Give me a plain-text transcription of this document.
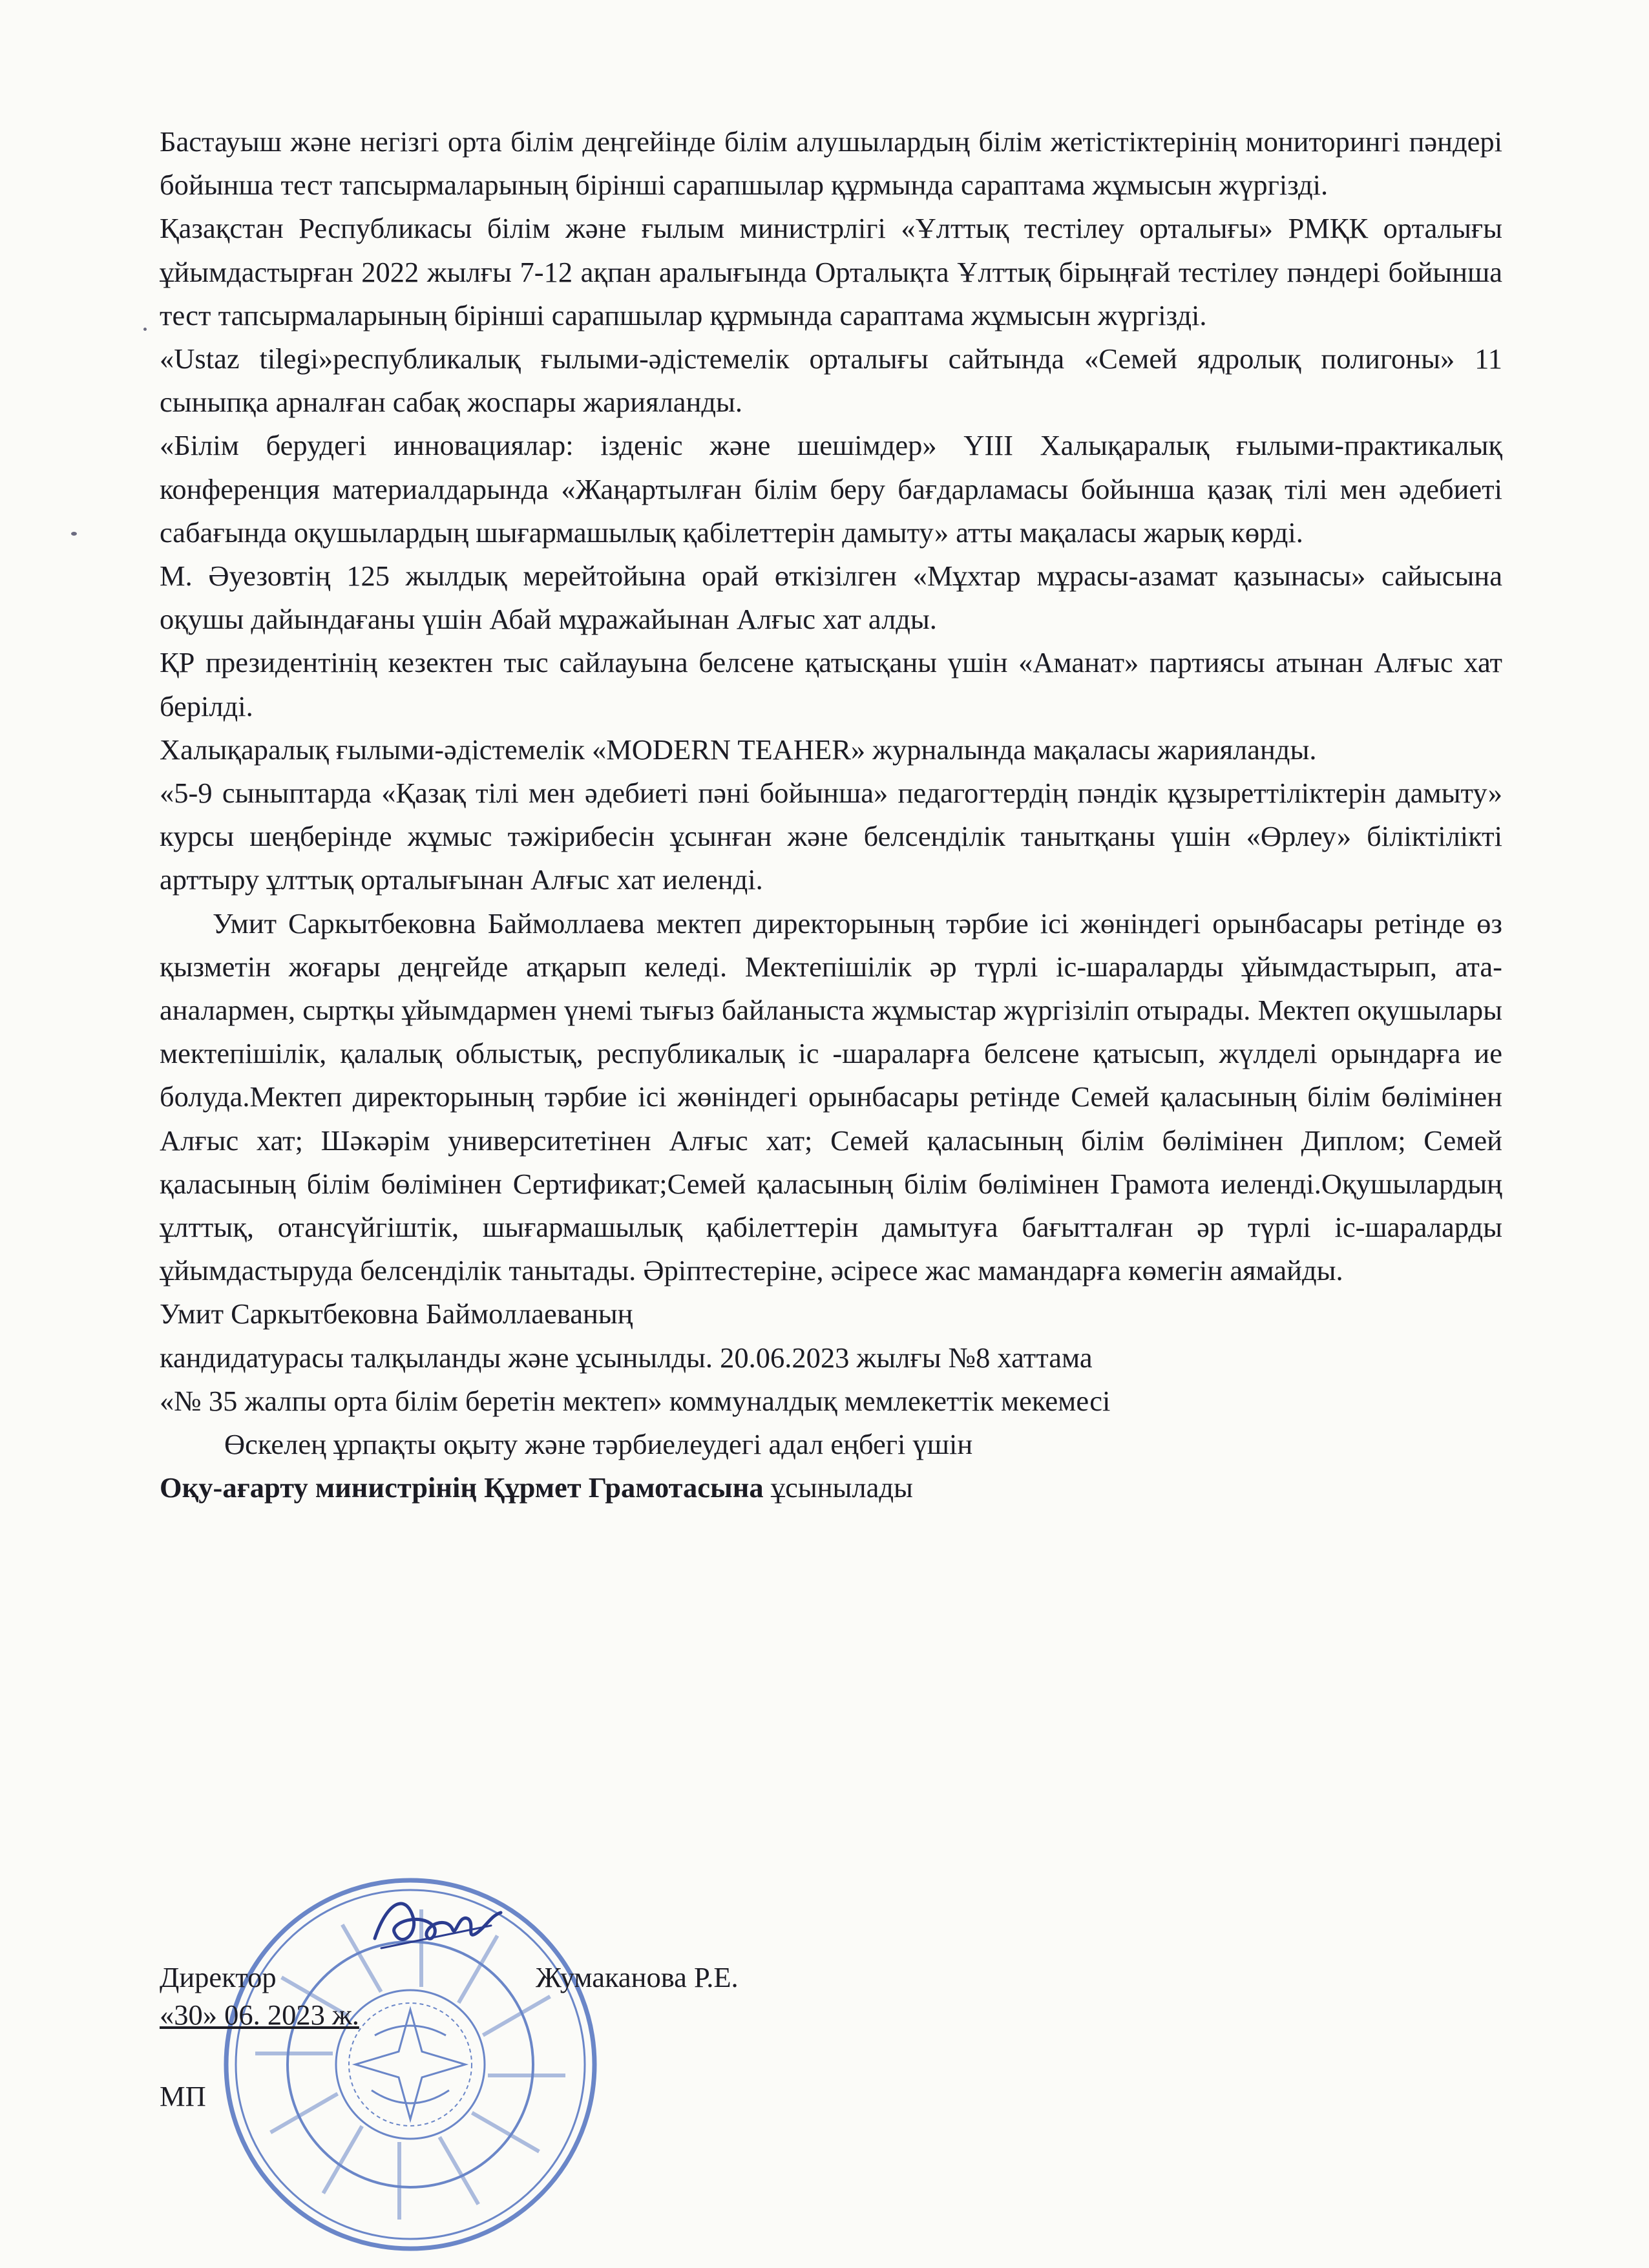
Бастауыш және негізгі орта білім деңгейінде білім алушылардың білім жетістіктерінің мониторингі пәндері бойынша тест тапсырмаларының бірінші сарапшылар құрмында сараптама жұмысын жүргізді.

Қазақстан Республикасы білім және ғылым министрлігі «Ұлттық тестілеу орталығы» РМҚК орталығы ұйымдастырған 2022 жылғы 7-12 ақпан аралығында Орталықта Ұлттық бірыңғай тестілеу пәндері бойынша тест тапсырмаларының бірінші сарапшылар құрмында сараптама жұмысын жүргізді.

«Ustaz tilegi»республикалық ғылыми-әдістемелік орталығы сайтында «Семей ядролық полигоны» 11 сыныпқа арналған сабақ жоспары жарияланды.

«Білім берудегі инновациялар: ізденіс және шешімдер» YIII Халықаралық ғылыми-практикалық конференция материалдарында «Жаңартылған білім беру бағдарламасы бойынша қазақ тілі мен әдебиеті сабағында оқушылардың шығармашылық қабілеттерін дамыту» атты мақаласы жарық көрді.

М. Әуезовтің 125 жылдық мерейтойына орай өткізілген «Мұхтар мұрасы-азамат қазынасы» сайысына оқушы дайындағаны үшін Абай мұражайынан Алғыс хат алды.

ҚР президентінің кезектен тыс сайлауына белсене қатысқаны үшін «Аманат» партиясы атынан Алғыс хат берілді.

Халықаралық ғылыми-әдістемелік «MODERN TEAHER» журналында мақаласы жарияланды.

«5-9 сыныптарда «Қазақ тілі мен әдебиеті пәні бойынша» педагогтердің пәндік құзыреттіліктерін дамыту» курсы шеңберінде жұмыс тәжірибесін ұсынған және белсенділік танытқаны үшін «Өрлеу» біліктілікті арттыру ұлттық орталығынан Алғыс хат иеленді.

Умит Саркытбековна Баймоллаева мектеп директорының тәрбие ісі жөніндегі орынбасары ретінде өз қызметін жоғары деңгейде атқарып келеді. Мектепішілік әр түрлі іс-шараларды ұйымдастырып, ата-аналармен, сыртқы ұйымдармен үнемі тығыз байланыста жұмыстар жүргізіліп отырады. Мектеп оқушылары мектепішілік, қалалық облыстық, республикалық іс -шараларға белсене қатысып, жүлделі орындарға ие болуда.Мектеп директорының тәрбие ісі жөніндегі орынбасары ретінде Семей қаласының білім бөлімінен Алғыс хат; Шәкәрім университетінен Алғыс хат; Семей қаласының білім бөлімінен Диплом; Семей қаласының білім бөлімінен Сертификат;Семей қаласының білім бөлімінен Грамота иеленді.Оқушылардың ұлттық, отансүйгіштік, шығармашылық қабілеттерін дамытуға бағытталған әр түрлі іс-шараларды ұйымдастыруда белсенділік танытады. Әріптестеріне, әсіресе жас мамандарға көмегін аямайды.

Умит Саркытбековна Баймоллаеваның

кандидатурасы талқыланды және ұсынылды. 20.06.2023 жылғы №8 хаттама

«№ 35 жалпы орта білім беретін мектеп» коммуналдық мемлекеттік мекемесі

Өскелең ұрпақты оқыту және тәрбиелеудегі адал еңбегі үшін

Оқу-ағарту министрінің Құрмет Грамотасына ұсынылады

Директор	Жумаканова Р.Е.
«30» 06. 2023 ж.
МП
